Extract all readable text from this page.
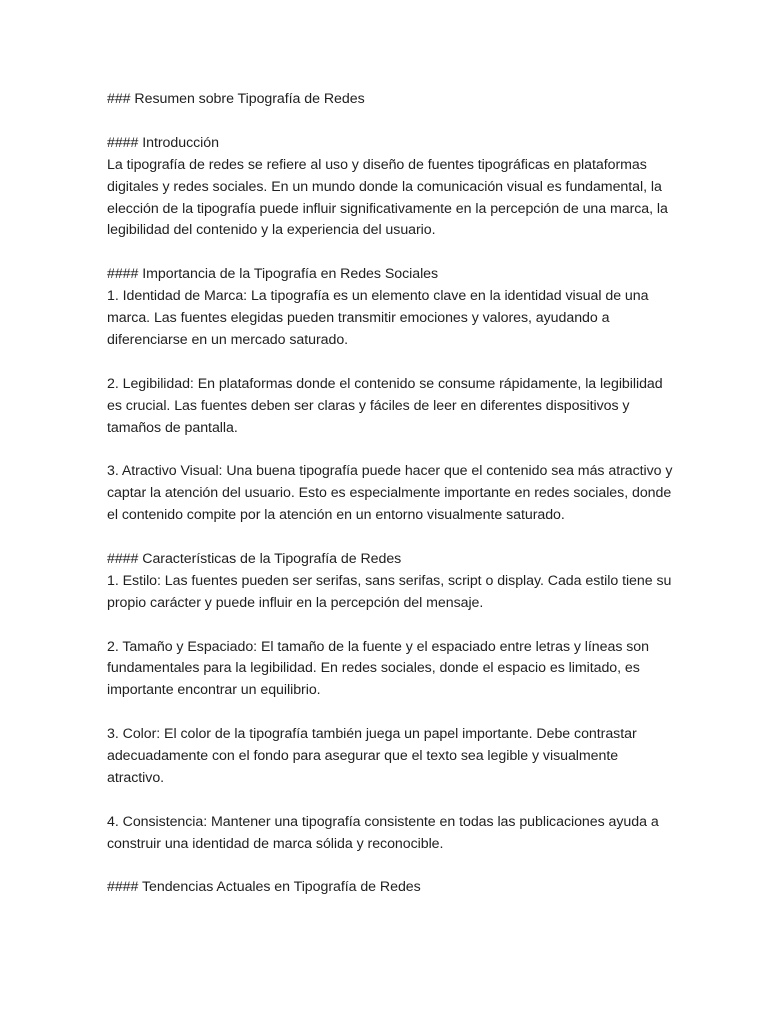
### Resumen sobre Tipografía de Redes
#### Introducción
La tipografía de redes se refiere al uso y diseño de fuentes tipográficas en plataformas digitales y redes sociales. En un mundo donde la comunicación visual es fundamental, la elección de la tipografía puede influir significativamente en la percepción de una marca, la legibilidad del contenido y la experiencia del usuario.
#### Importancia de la Tipografía en Redes Sociales
1. Identidad de Marca: La tipografía es un elemento clave en la identidad visual de una marca. Las fuentes elegidas pueden transmitir emociones y valores, ayudando a diferenciarse en un mercado saturado.
2. Legibilidad: En plataformas donde el contenido se consume rápidamente, la legibilidad es crucial. Las fuentes deben ser claras y fáciles de leer en diferentes dispositivos y tamaños de pantalla.
3. Atractivo Visual: Una buena tipografía puede hacer que el contenido sea más atractivo y captar la atención del usuario. Esto es especialmente importante en redes sociales, donde el contenido compite por la atención en un entorno visualmente saturado.
#### Características de la Tipografía de Redes
1. Estilo: Las fuentes pueden ser serifas, sans serifas, script o display. Cada estilo tiene su propio carácter y puede influir en la percepción del mensaje.
2. Tamaño y Espaciado: El tamaño de la fuente y el espaciado entre letras y líneas son fundamentales para la legibilidad. En redes sociales, donde el espacio es limitado, es importante encontrar un equilibrio.
3. Color: El color de la tipografía también juega un papel importante. Debe contrastar adecuadamente con el fondo para asegurar que el texto sea legible y visualmente atractivo.
4. Consistencia: Mantener una tipografía consistente en todas las publicaciones ayuda a construir una identidad de marca sólida y reconocible.
#### Tendencias Actuales en Tipografía de Redes
